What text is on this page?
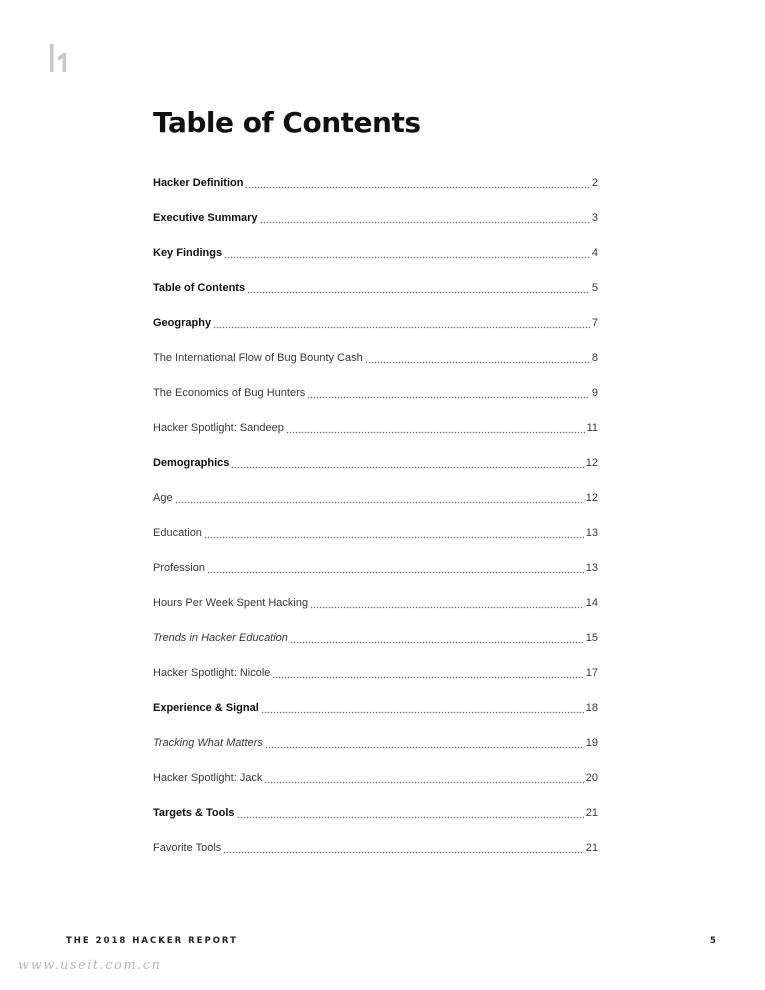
Table of Contents
Hacker Definition	2
Executive Summary	3
Key Findings	4
Table of Contents	5
Geography	7
The International Flow of Bug Bounty Cash	8
The Economics of Bug Hunters	9
Hacker Spotlight: Sandeep	11
Demographics	12
Age	12
Education	13
Profession	13
Hours Per Week Spent Hacking	14
Trends in Hacker Education	15
Hacker Spotlight: Nicole	17
Experience & Signal	18
Tracking What Matters	19
Hacker Spotlight: Jack	20
Targets & Tools	21
Favorite Tools	21
THE 2018 HACKER REPORT	5
www.useit.com.cn
